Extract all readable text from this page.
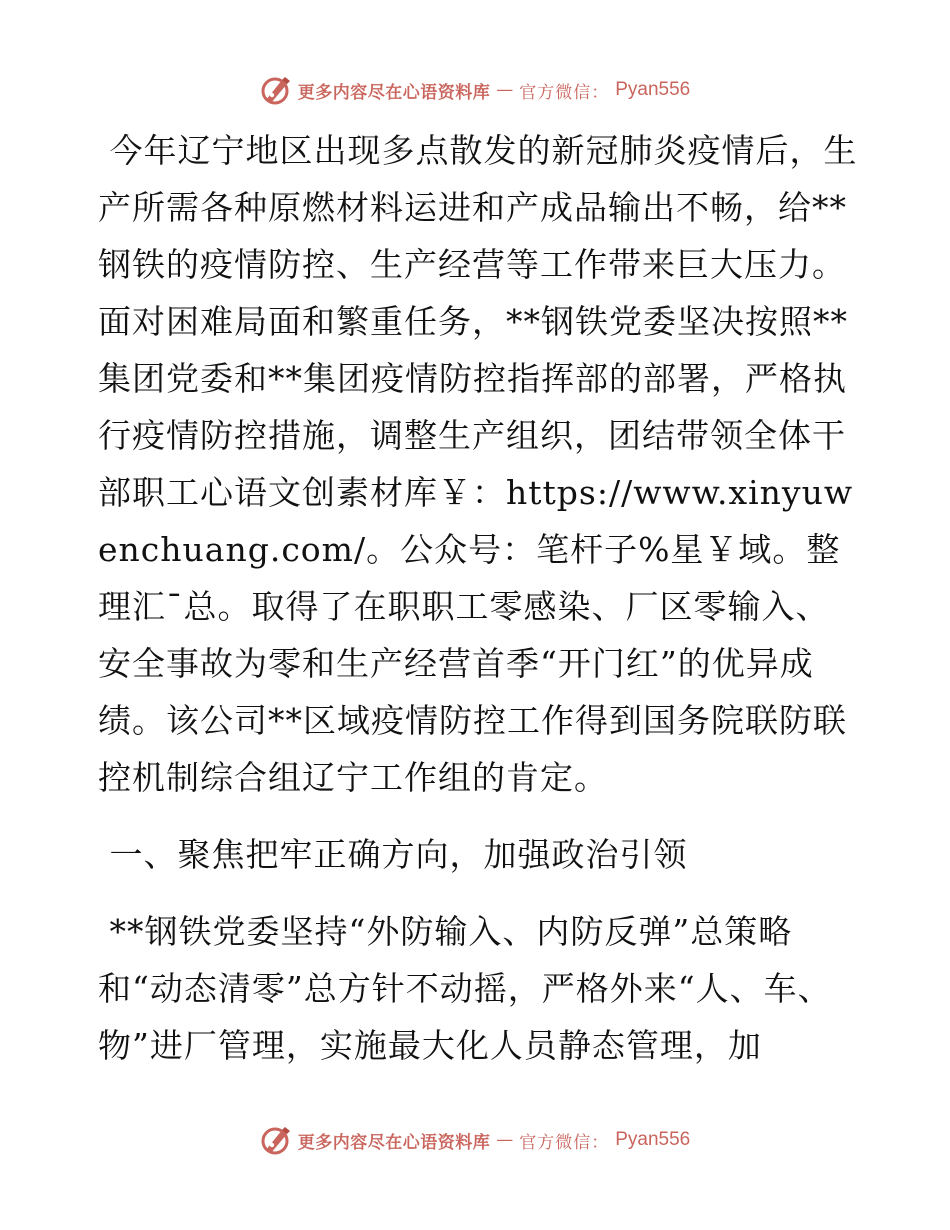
更多内容尽在心语资料库 — 官方微信： Pyan556

今年辽宁地区出现多点散发的新冠肺炎疫情后，生产所需各种原燃材料运进和产成品输出不畅，给**钢铁的疫情防控、生产经营等工作带来巨大压力。面对困难局面和繁重任务，**钢铁党委坚决按照**集团党委和**集团疫情防控指挥部的部署，严格执行疫情防控措施，调整生产组织，团结带领全体干部职工心语文创素材库￥：https://www.xinyuwenchuang.com/。公众号：笔杆子%星￥域。整理汇¯总。取得了在职职工零感染、厂区零输入、安全事故为零和生产经营首季“开门红”的优异成绩。该公司**区域疫情防控工作得到国务院联防联控机制综合组辽宁工作组的肯定。

一、聚焦把牢正确方向，加强政治引领

**钢铁党委坚持“外防输入、内防反弹”总策略和“动态清零”总方针不动摇，严格外来“人、车、物”进厂管理，实施最大化人员静态管理，加

更多内容尽在心语资料库 — 官方微信： Pyan556
